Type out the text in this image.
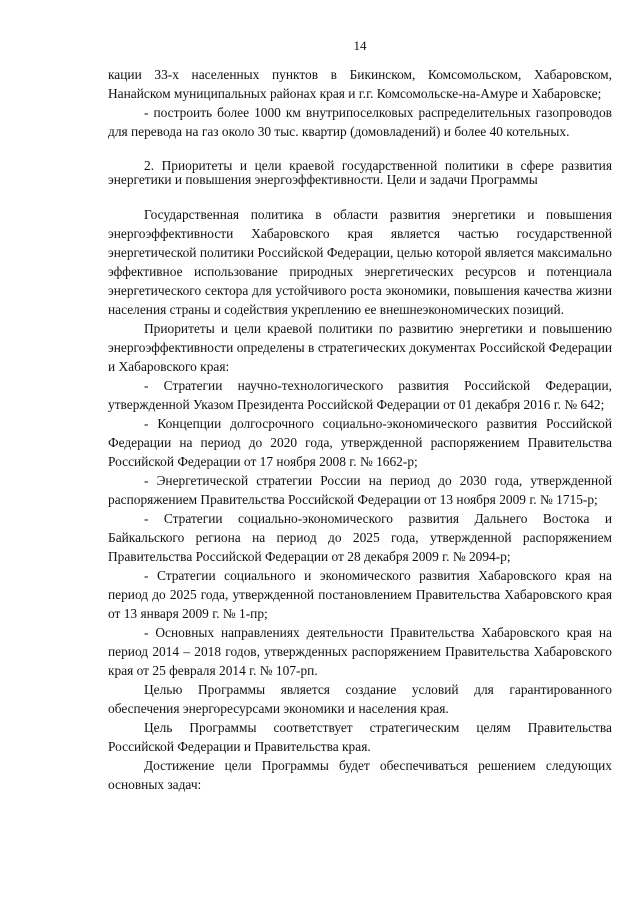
14

кации 33-х населенных пунктов в Бикинском, Комсомольском, Хабаровском, Нанайском муниципальных районах края и г.г. Комсомольске-на-Амуре и Хабаровске;

- построить более 1000 км внутрипоселковых распределительных газопроводов для перевода на газ около 30 тыс. квартир (домовладений) и более 40 котельных.

2. Приоритеты и цели краевой государственной политики в сфере развития энергетики и повышения энергоэффективности. Цели и задачи Программы

Государственная политика в области развития энергетики и повышения энергоэффективности Хабаровского края является частью государственной энергетической политики Российской Федерации, целью которой является максимально эффективное использование природных энергетических ресурсов и потенциала энергетического сектора для устойчивого роста экономики, повышения качества жизни населения страны и содействия укреплению ее внешнеэкономических позиций.

Приоритеты и цели краевой политики по развитию энергетики и повышению энергоэффективности определены в стратегических документах Российской Федерации и Хабаровского края:

- Стратегии научно-технологического развития Российской Федерации, утвержденной Указом Президента Российской Федерации от 01 декабря 2016 г. № 642;

- Концепции долгосрочного социально-экономического развития Российской Федерации на период до 2020 года, утвержденной распоряжением Правительства Российской Федерации от 17 ноября 2008 г. № 1662-р;

- Энергетической стратегии России на период до 2030 года, утвержденной распоряжением Правительства Российской Федерации от 13 ноября 2009 г. № 1715-р;

- Стратегии социально-экономического развития Дальнего Востока и Байкальского региона на период до 2025 года, утвержденной распоряжением Правительства Российской Федерации от 28 декабря 2009 г. № 2094-р;

- Стратегии социального и экономического развития Хабаровского края на период до 2025 года, утвержденной постановлением Правительства Хабаровского края от 13 января 2009 г. № 1-пр;

- Основных направлениях деятельности Правительства Хабаровского края на период 2014 – 2018 годов, утвержденных распоряжением Правительства Хабаровского края от 25 февраля 2014 г. № 107-рп.

Целью Программы является создание условий для гарантированного обеспечения энергоресурсами экономики и населения края.

Цель Программы соответствует стратегическим целям Правительства Российской Федерации и Правительства края.

Достижение цели Программы будет обеспечиваться решением следующих основных задач:
